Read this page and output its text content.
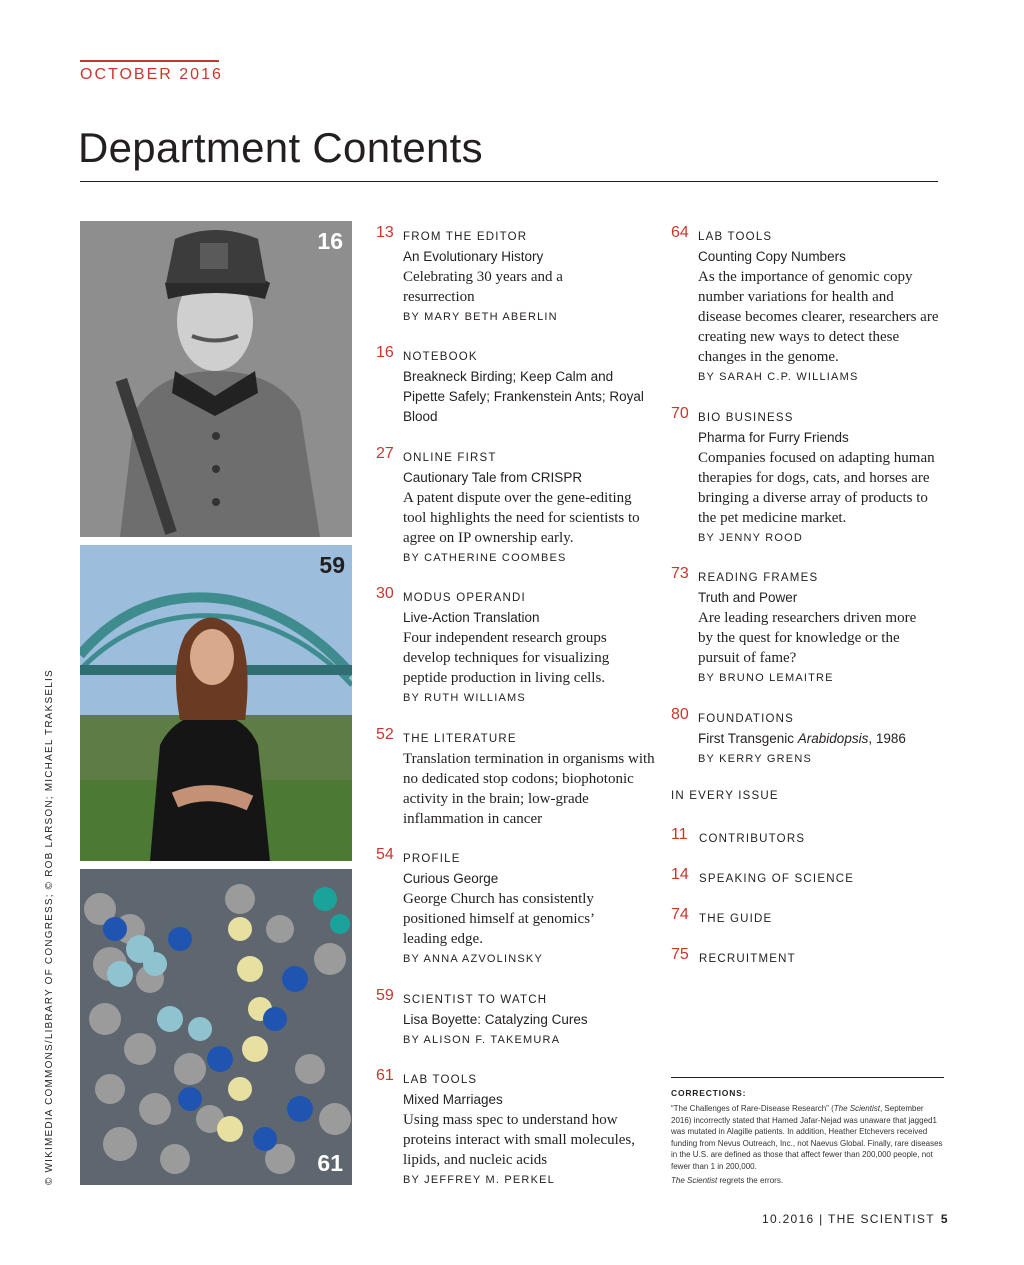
OCTOBER 2016
Department Contents
16
59
61
© WIKIMEDIA COMMONS/LIBRARY OF CONGRESS; © ROB LARSON; MICHAEL TRAKSELIS
13 FROM THE EDITOR
An Evolutionary History
Celebrating 30 years and a resurrection
BY MARY BETH ABERLIN
16 NOTEBOOK
Breakneck Birding; Keep Calm and Pipette Safely; Frankenstein Ants; Royal Blood
27 ONLINE FIRST
Cautionary Tale from CRISPR
A patent dispute over the gene-editing tool highlights the need for scientists to agree on IP ownership early.
BY CATHERINE COOMBES
30 MODUS OPERANDI
Live-Action Translation
Four independent research groups develop techniques for visualizing peptide production in living cells.
BY RUTH WILLIAMS
52 THE LITERATURE
Translation termination in organisms with no dedicated stop codons; biophotonic activity in the brain; low-grade inflammation in cancer
54 PROFILE
Curious George
George Church has consistently positioned himself at genomics’ leading edge.
BY ANNA AZVOLINSKY
59 SCIENTIST TO WATCH
Lisa Boyette: Catalyzing Cures
BY ALISON F. TAKEMURA
61 LAB TOOLS
Mixed Marriages
Using mass spec to understand how proteins interact with small molecules, lipids, and nucleic acids
BY JEFFREY M. PERKEL
64 LAB TOOLS
Counting Copy Numbers
As the importance of genomic copy number variations for health and disease becomes clearer, researchers are creating new ways to detect these changes in the genome.
BY SARAH C.P. WILLIAMS
70 BIO BUSINESS
Pharma for Furry Friends
Companies focused on adapting human therapies for dogs, cats, and horses are bringing a diverse array of products to the pet medicine market.
BY JENNY ROOD
73 READING FRAMES
Truth and Power
Are leading researchers driven more by the quest for knowledge or the pursuit of fame?
BY BRUNO LEMAITRE
80 FOUNDATIONS
First Transgenic Arabidopsis, 1986
BY KERRY GRENS
IN EVERY ISSUE
11 CONTRIBUTORS
14 SPEAKING OF SCIENCE
74 THE GUIDE
75 RECRUITMENT
CORRECTIONS:
“The Challenges of Rare-Disease Research” (The Scientist, September 2016) incorrectly stated that Hamed Jafar-Nejad was unaware that jagged1 was mutated in Alagille patients. In addition, Heather Etchevers received funding from Nevus Outreach, Inc., not Naevus Global. Finally, rare diseases in the U.S. are defined as those that affect fewer than 200,000 people, not fewer than 1 in 200,000.
The Scientist regrets the errors.
10.2016 | THE SCIENTIST 5
